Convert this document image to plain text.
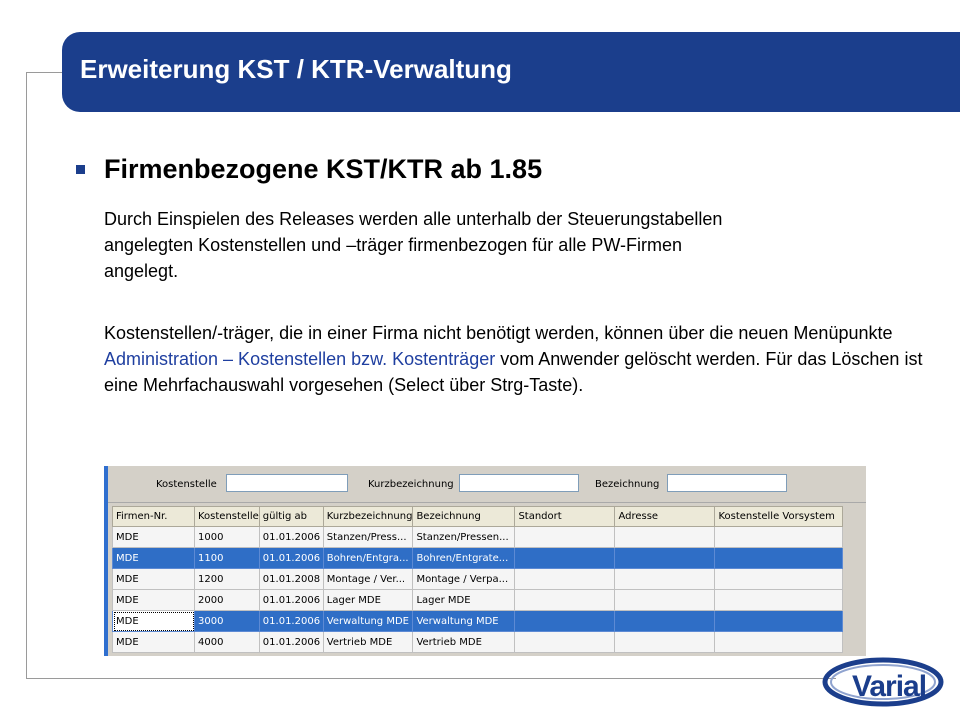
Erweiterung KST / KTR-Verwaltung
Firmenbezogene KST/KTR ab 1.85

Durch Einspielen des Releases werden alle unterhalb der Steuerungstabellen angelegten Kostenstellen und –träger firmenbezogen für alle PW-Firmen angelegt.

Kostenstellen/-träger, die in einer Firma nicht benötigt werden, können über die neuen Menüpunkte Administration – Kostenstellen bzw. Kostenträger vom Anwender gelöscht werden. Für das Löschen ist eine Mehrfachauswahl vorgesehen (Select über Strg-Taste).

Kostenstelle	Kurzbezeichnung	Bezeichnung
Firmen-Nr.	Kostenstelle	gültig ab	Kurzbezeichnung	Bezeichnung	Standort	Adresse	Kostenstelle Vorsystem
MDE	1000	01.01.2006	Stanzen/Press...	Stanzen/Pressen...			
MDE	1100	01.01.2006	Bohren/Entgra...	Bohren/Entgrate...			
MDE	1200	01.01.2008	Montage / Ver...	Montage / Verpa...			
MDE	2000	01.01.2006	Lager MDE	Lager MDE			
MDE	3000	01.01.2006	Verwaltung MDE	Verwaltung MDE			
MDE	4000	01.01.2006	Vertrieb MDE	Vertrieb MDE			
Varial
